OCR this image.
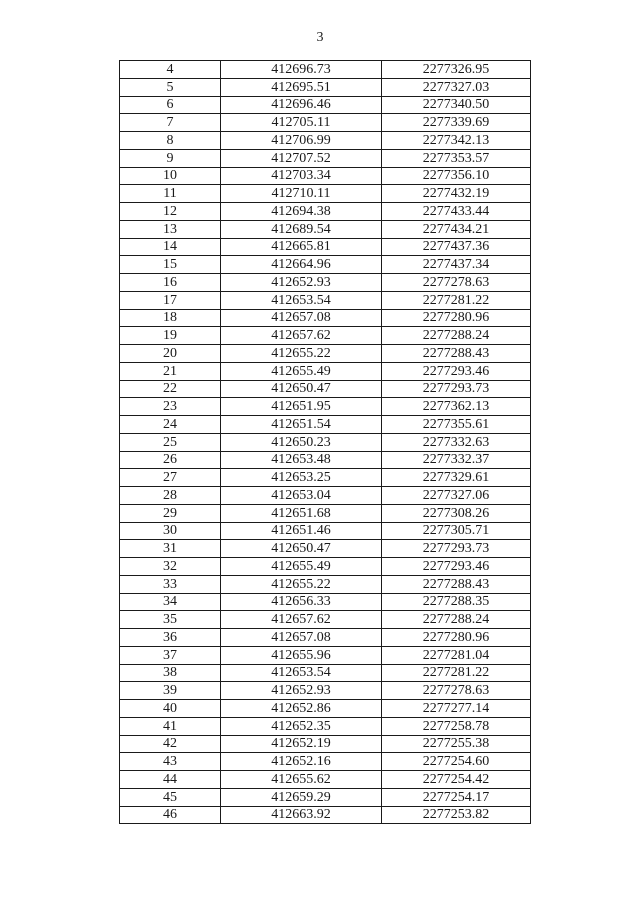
3
4	412696.73	2277326.95
5	412695.51	2277327.03
6	412696.46	2277340.50
7	412705.11	2277339.69
8	412706.99	2277342.13
9	412707.52	2277353.57
10	412703.34	2277356.10
11	412710.11	2277432.19
12	412694.38	2277433.44
13	412689.54	2277434.21
14	412665.81	2277437.36
15	412664.96	2277437.34
16	412652.93	2277278.63
17	412653.54	2277281.22
18	412657.08	2277280.96
19	412657.62	2277288.24
20	412655.22	2277288.43
21	412655.49	2277293.46
22	412650.47	2277293.73
23	412651.95	2277362.13
24	412651.54	2277355.61
25	412650.23	2277332.63
26	412653.48	2277332.37
27	412653.25	2277329.61
28	412653.04	2277327.06
29	412651.68	2277308.26
30	412651.46	2277305.71
31	412650.47	2277293.73
32	412655.49	2277293.46
33	412655.22	2277288.43
34	412656.33	2277288.35
35	412657.62	2277288.24
36	412657.08	2277280.96
37	412655.96	2277281.04
38	412653.54	2277281.22
39	412652.93	2277278.63
40	412652.86	2277277.14
41	412652.35	2277258.78
42	412652.19	2277255.38
43	412652.16	2277254.60
44	412655.62	2277254.42
45	412659.29	2277254.17
46	412663.92	2277253.82
